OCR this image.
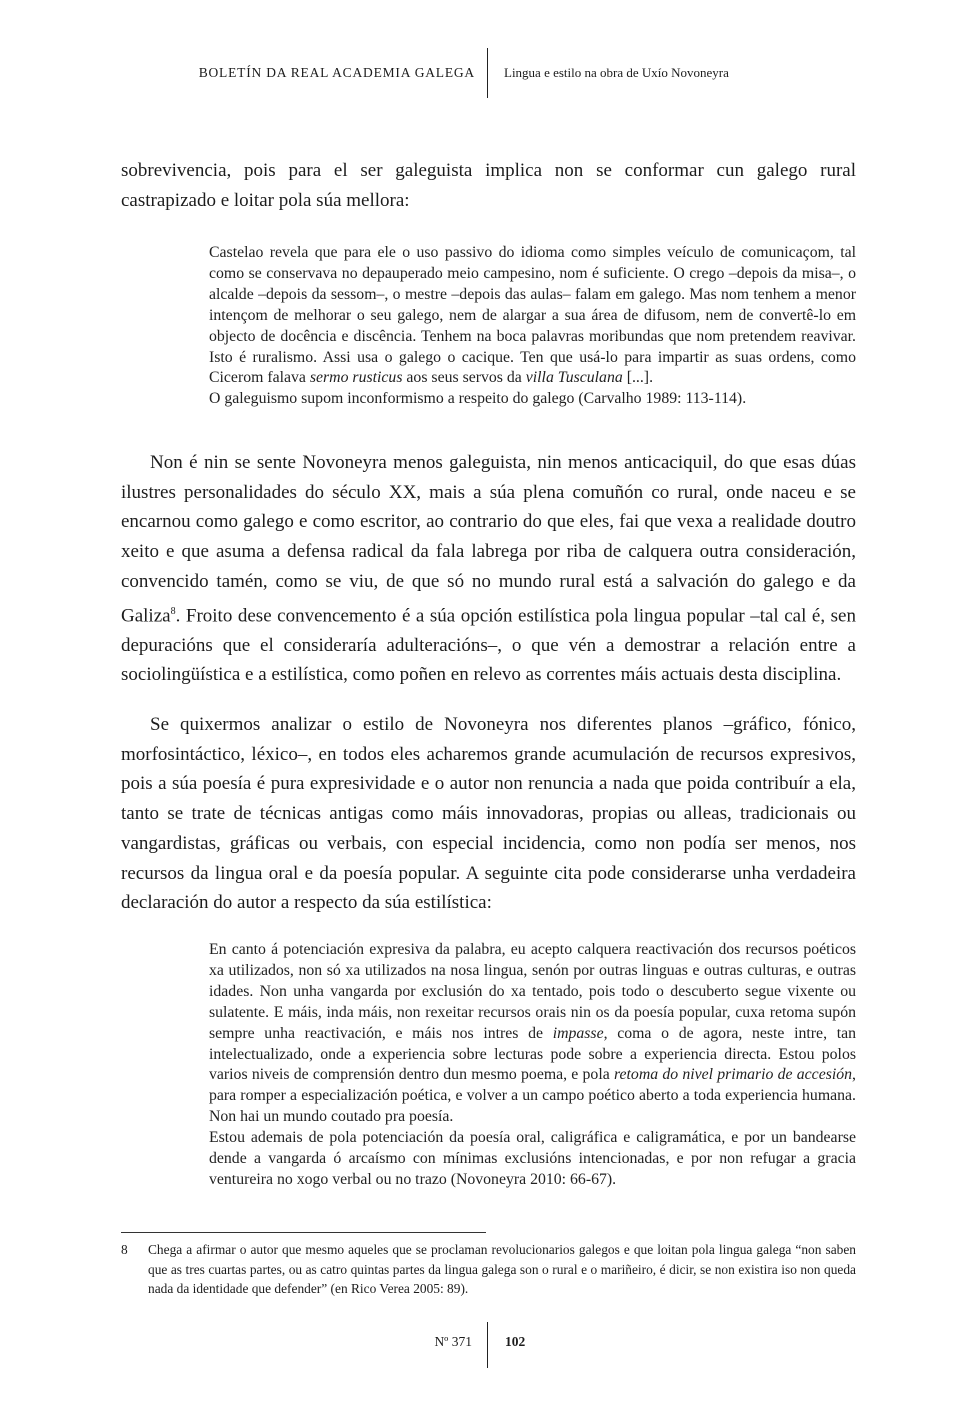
BOLETÍN DA REAL ACADEMIA GALEGA Lingua e estilo na obra de Uxío Novoneyra

sobrevivencia, pois para el ser galeguista implica non se conformar cun galego rural castrapizado e loitar pola súa mellora:

Castelao revela que para ele o uso passivo do idioma como simples veículo de comunicaçom, tal como se conservava no depauperado meio campesino, nom é suficiente. O crego –depois da misa–, o alcalde –depois da sessom–, o mestre –depois das aulas– falam em galego. Mas nom tenhem a menor intençom de melhorar o seu galego, nem de alargar a sua área de difusom, nem de convertê-lo em objecto de docência e discência. Tenhem na boca palavras moribundas que nom pretendem reavivar. Isto é ruralismo. Assi usa o galego o cacique. Ten que usá-lo para impartir as suas ordens, como Cicerom falava sermo rusticus aos seus servos da villa Tusculana [...].

O galeguismo supom inconformismo a respeito do galego (Carvalho 1989: 113-114).

Non é nin se sente Novoneyra menos galeguista, nin menos anticaciquil, do que esas dúas ilustres personalidades do século XX, mais a súa plena comuñón co rural, onde naceu e se encarnou como galego e como escritor, ao contrario do que eles, fai que vexa a realidade doutro xeito e que asuma a defensa radical da fala labrega por riba de calquera outra consideración, convencido tamén, como se viu, de que só no mundo rural está a salvación do galego e da Galiza$^8$. Froito dese convencemento é a súa opción estilística pola lingua popular –tal cal é, sen depuracións que el consideraría adulteracións–, o que vén a demostrar a relación entre a sociolingüística e a estilística, como poñen en relevo as correntes máis actuais desta disciplina.

Se quixermos analizar o estilo de Novoneyra nos diferentes planos –gráfico, fónico, morfosintáctico, léxico–, en todos eles acharemos grande acumulación de recursos expresivos, pois a súa poesía é pura expresividade e o autor non renuncia a nada que poida contribuír a ela, tanto se trate de técnicas antigas como máis innovadoras, propias ou alleas, tradicionais ou vangardistas, gráficas ou verbais, con especial incidencia, como non podía ser menos, nos recursos da lingua oral e da poesía popular. A seguinte cita pode considerarse unha verdadeira declaración do autor a respecto da súa estilística:

En canto á potenciación expresiva da palabra, eu acepto calquera reactivación dos recursos poéticos xa utilizados, non só xa utilizados na nosa lingua, senón por outras linguas e outras culturas, e outras idades. Non unha vangarda por exclusión do xa tentado, pois todo o descuberto segue vixente ou sulatente. E máis, inda máis, non rexeitar recursos orais nin os da poesía popular, cuxa retoma supón sempre unha reactivación, e máis nos intres de impasse, coma o de agora, neste intre, tan intelectualizado, onde a experiencia sobre lecturas pode sobre a experiencia directa. Estou polos varios niveis de comprensión dentro dun mesmo poema, e pola retoma do nivel primario de accesión, para romper a especialización poética, e volver a un campo poético aberto a toda experiencia humana. Non hai un mundo coutado pra poesía.

Estou ademais de pola potenciación da poesía oral, caligráfica e caligramática, e por un bandearse dende a vangarda ó arcaísmo con mínimas exclusións intencionadas, e por non refugar a gracia ventureira no xogo verbal ou no trazo (Novoneyra 2010: 66-67).

8 Chega a afirmar o autor que mesmo aqueles que se proclaman revolucionarios galegos e que loitan pola lingua galega “non saben que as tres cuartas partes, ou as catro quintas partes da lingua galega son o rural e o mariñeiro, é dicir, se non existira iso non queda nada da identidade que defender” (en Rico Verea 2005: 89).

Nº 371 102
